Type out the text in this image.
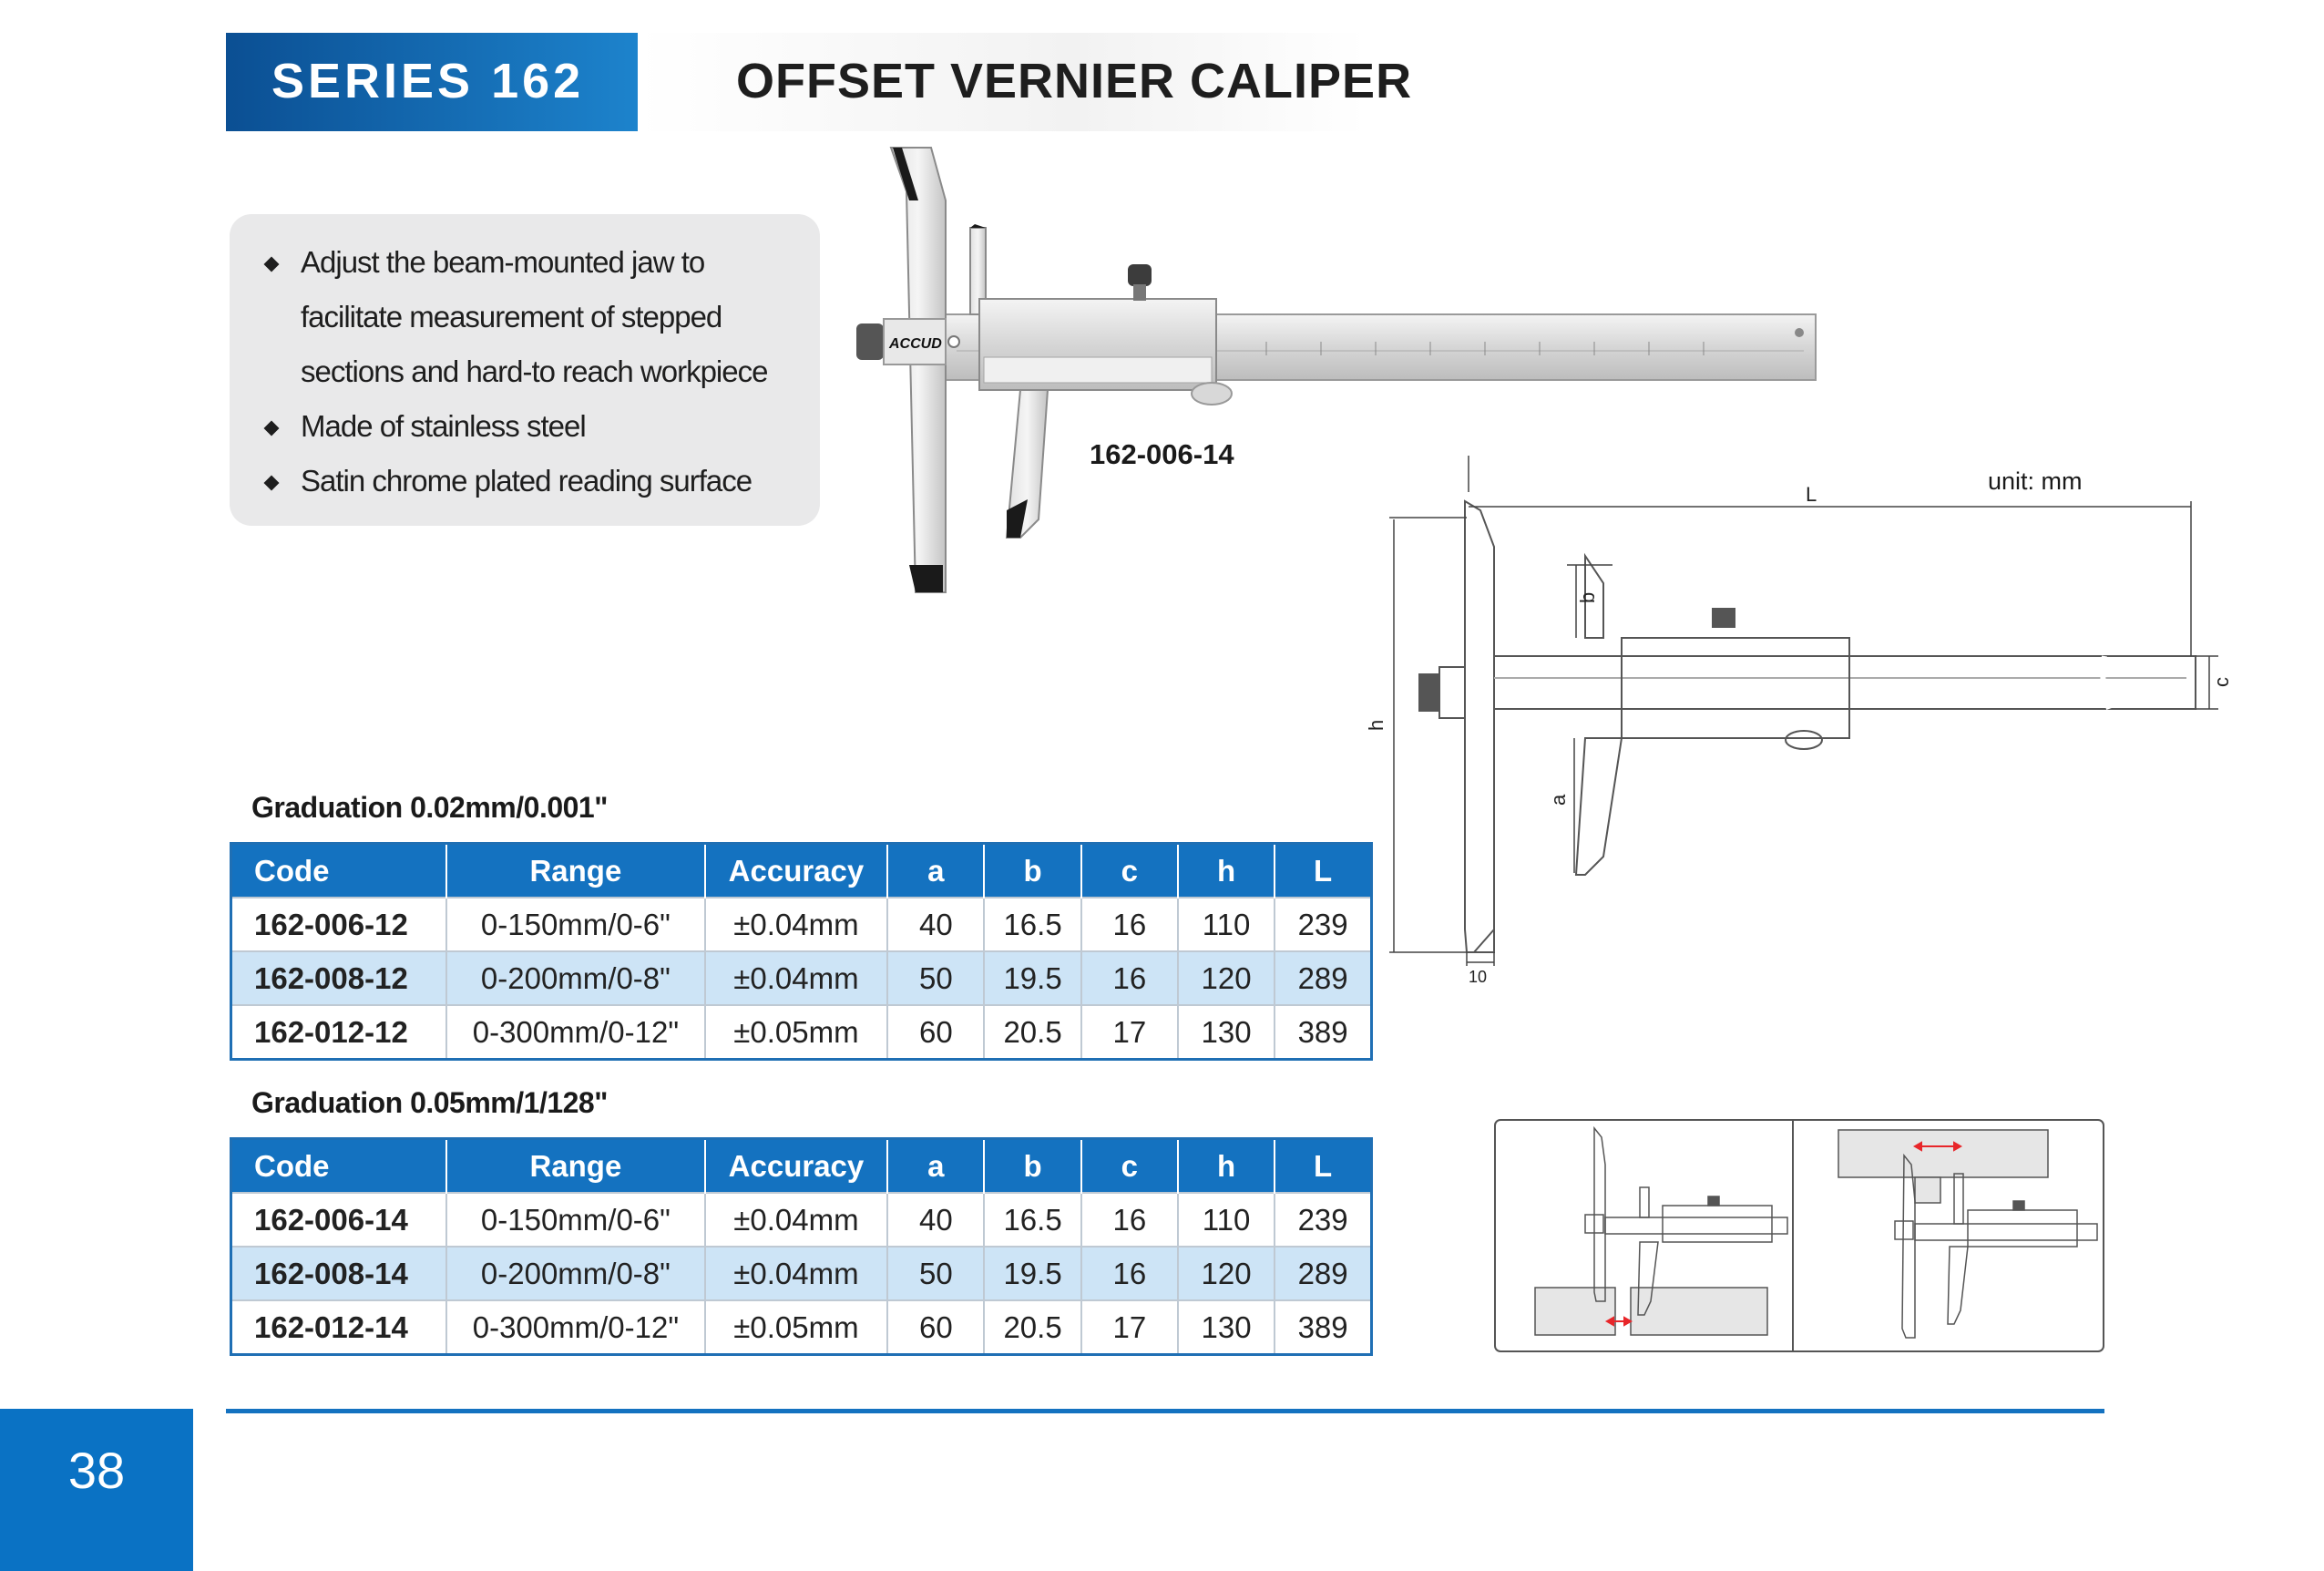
SERIES 162	OFFSET VERNIER CALIPER
Adjust the beam-mounted jaw to
facilitate measurement of stepped
sections and hard-to reach workpiece
Made of stainless steel
Satin chrome plated reading surface
ACCUD
162-006-14
L
h
b
c
a
10
unit: mm
Graduation 0.02mm/0.001"
Code	Range	Accuracy	a	b	c	h	L
162-006-12	0-150mm/0-6"	±0.04mm	40	16.5	16	110	239
162-008-12	0-200mm/0-8"	±0.04mm	50	19.5	16	120	289
162-012-12	0-300mm/0-12"	±0.05mm	60	20.5	17	130	389
Graduation 0.05mm/1/128"
Code	Range	Accuracy	a	b	c	h	L
162-006-14	0-150mm/0-6"	±0.04mm	40	16.5	16	110	239
162-008-14	0-200mm/0-8"	±0.04mm	50	19.5	16	120	289
162-012-14	0-300mm/0-12"	±0.05mm	60	20.5	17	130	389
38
